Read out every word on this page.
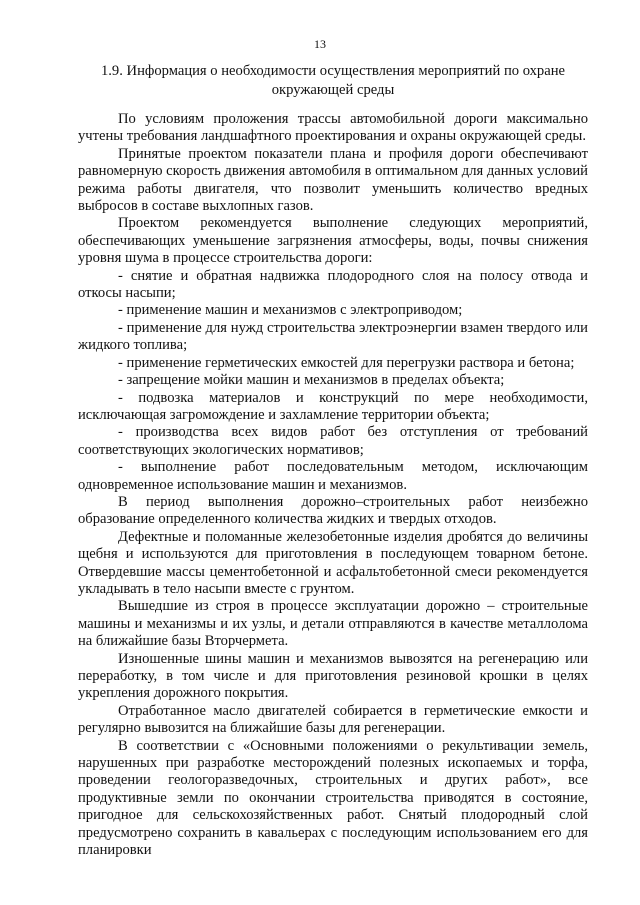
13
1.9. Информация о необходимости осуществления мероприятий по охране окружающей среды

По условиям проложения трассы автомобильной дороги максимально учтены требования ландшафтного проектирования и охраны окружающей среды.

Принятые проектом показатели плана и профиля дороги обеспечивают равномерную скорость движения автомобиля в оптимальном для данных условий режима работы двигателя, что позволит уменьшить количество вредных выбросов в составе выхлопных газов.

Проектом рекомендуется выполнение следующих мероприятий, обеспечивающих уменьшение загрязнения атмосферы, воды, почвы снижения уровня шума в процессе строительства дороги:

- снятие и обратная надвижка плодородного слоя на полосу отвода и откосы насыпи;

- применение машин и механизмов с электроприводом;

- применение для нужд строительства электроэнергии взамен твердого или жидкого топлива;

- применение герметических емкостей для перегрузки раствора и бетона;

- запрещение мойки машин и механизмов в пределах объекта;

- подвозка материалов и конструкций по мере необходимости, исключающая загромождение и захламление территории объекта;

- производства всех видов работ без отступления от требований соответствующих экологических нормативов;

- выполнение работ последовательным методом, исключающим одновременное использование машин и механизмов.

В период выполнения дорожно–строительных работ неизбежно образование определенного количества жидких и твердых отходов.

Дефектные и поломанные железобетонные изделия дробятся до величины щебня и используются для приготовления в последующем товарном бетоне. Отвердевшие массы цементобетонной и асфальтобетонной смеси рекомендуется укладывать в тело насыпи вместе с грунтом.

Вышедшие из строя в процессе эксплуатации дорожно – строительные машины и механизмы и их узлы, и детали отправляются в качестве металлолома на ближайшие базы Вторчермета.

Изношенные шины машин и механизмов вывозятся на регенерацию или переработку, в том числе и для приготовления резиновой крошки в целях укрепления дорожного покрытия.

Отработанное масло двигателей собирается в герметические емкости и регулярно вывозится на ближайшие базы для регенерации.

В соответствии с «Основными положениями о рекультивации земель, нарушенных при разработке месторождений полезных ископаемых и торфа, проведении геологоразведочных, строительных и других работ», все продуктивные земли по окончании строительства приводятся в состояние, пригодное для сельскохозяйственных работ. Снятый плодородный слой предусмотрено сохранить в кавальерах с последующим использованием его для планировки
